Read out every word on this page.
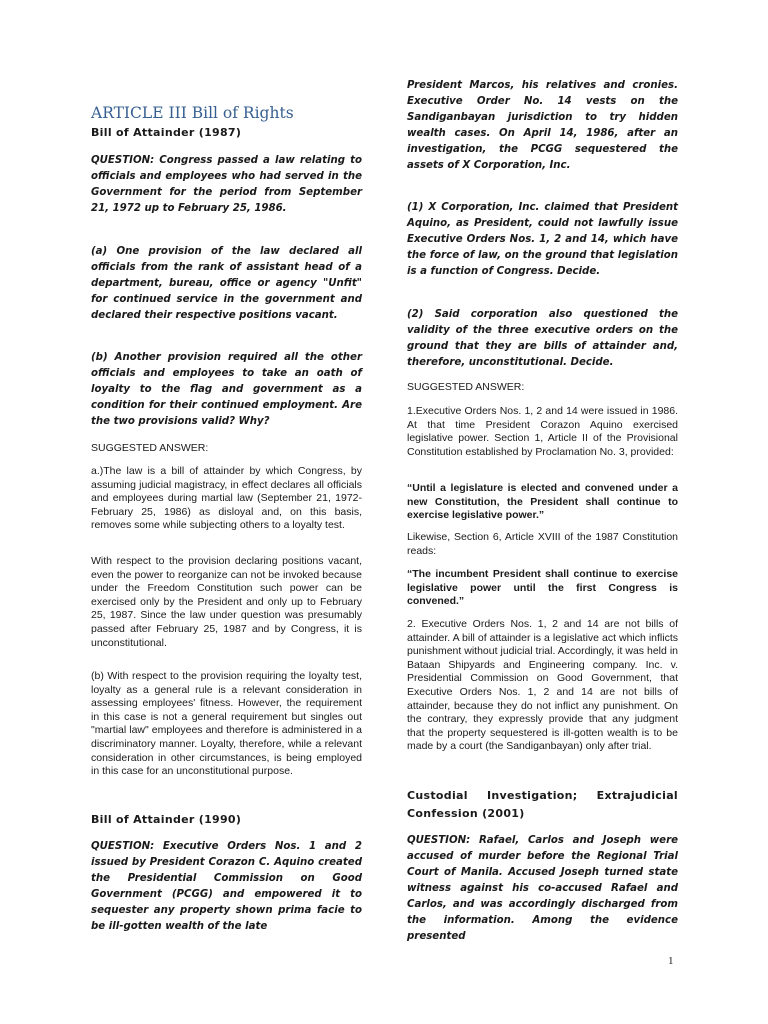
ARTICLE III Bill of Rights
Bill of Attainder (1987)

QUESTION: Congress passed a law relating to officials and employees who had served in the Government for the period from September 21, 1972 up to February 25, 1986.

(a) One provision of the law declared all officials from the rank of assistant head of a department, bureau, office or agency "Unfit" for continued service in the government and declared their respective positions vacant.

(b) Another provision required all the other officials and employees to take an oath of loyalty to the flag and government as a condition for their continued employment. Are the two provisions valid? Why?

SUGGESTED ANSWER:

a.)The law is a bill of attainder by which Congress, by assuming judicial magistracy, in effect declares all officials and employees during martial law (September 21, 1972-February 25, 1986) as disloyal and, on this basis, removes some while subjecting others to a loyalty test.

With respect to the provision declaring positions vacant, even the power to reorganize can not be invoked because under the Freedom Constitution such power can be exercised only by the President and only up to February 25, 1987. Since the law under question was presumably passed after February 25, 1987 and by Congress, it is unconstitutional.

(b) With respect to the provision requiring the loyalty test, loyalty as a general rule is a relevant consideration in assessing employees' fitness. However, the requirement in this case is not a general requirement but singles out "martial law" employees and therefore is administered in a discriminatory manner. Loyalty, therefore, while a relevant consideration in other circumstances, is being employed in this case for an unconstitutional purpose.

Bill of Attainder (1990)

QUESTION: Executive Orders Nos. 1 and 2 issued by President Corazon C. Aquino created the Presidential Commission on Good Government (PCGG) and empowered it to sequester any property shown prima facie to be ill-gotten wealth of the late

President Marcos, his relatives and cronies. Executive Order No. 14 vests on the Sandiganbayan jurisdiction to try hidden wealth cases. On April 14, 1986, after an investigation, the PCGG sequestered the assets of X Corporation, Inc.

(1) X Corporation, Inc. claimed that President Aquino, as President, could not lawfully issue Executive Orders Nos. 1, 2 and 14, which have the force of law, on the ground that legislation is a function of Congress. Decide.

(2) Said corporation also questioned the validity of the three executive orders on the ground that they are bills of attainder and, therefore, unconstitutional. Decide.

SUGGESTED ANSWER:

1.Executive Orders Nos. 1, 2 and 14 were issued in 1986. At that time President Corazon Aquino exercised legislative power. Section 1, Article II of the Provisional Constitution established by Proclamation No. 3, provided:

“Until a legislature is elected and convened under a new Constitution, the President shall continue to exercise legislative power.”

Likewise, Section 6, Article XVIII of the 1987 Constitution reads:

“The incumbent President shall continue to exercise legislative power until the first Congress is convened.”

2. Executive Orders Nos. 1, 2 and 14 are not bills of attainder. A bill of attainder is a legislative act which inflicts punishment without judicial trial. Accordingly, it was held in Bataan Shipyards and Engineering company. Inc. v. Presidential Commission on Good Government, that Executive Orders Nos. 1, 2 and 14 are not bills of attainder, because they do not inflict any punishment. On the contrary, they expressly provide that any judgment that the property sequestered is ill-gotten wealth is to be made by a court (the Sandiganbayan) only after trial.

Custodial Investigation; Extrajudicial Confession (2001)

QUESTION: Rafael, Carlos and Joseph were accused of murder before the Regional Trial Court of Manila. Accused Joseph turned state witness against his co-accused Rafael and Carlos, and was accordingly discharged from the information. Among the evidence presented

1
